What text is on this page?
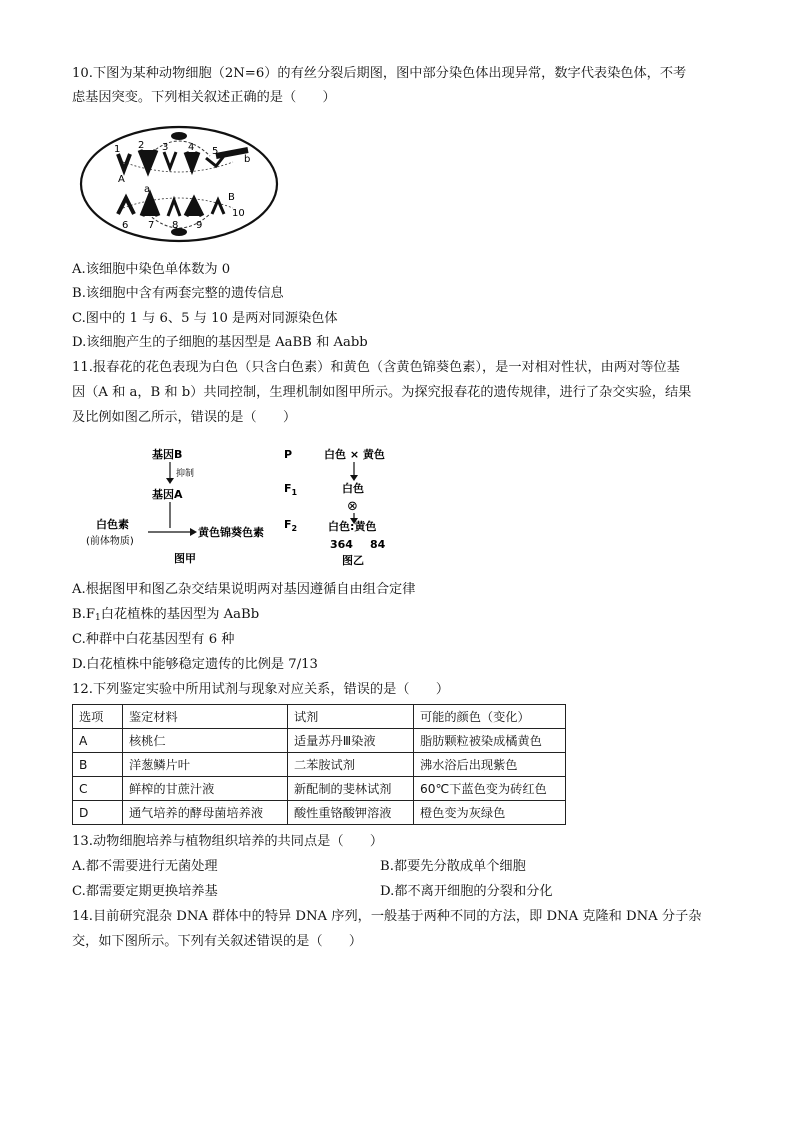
10.下图为某种动物细胞（2N=6）的有丝分裂后期图，图中部分染色体出现异常，数字代表染色体，不考
虑基因突变。下列相关叙述正确的是（　　）
1 2 3 4 5
6 7 8 9
10
A
a
B
b
A.该细胞中染色单体数为 0
B.该细胞中含有两套完整的遗传信息
C.图中的 1 与 6、5 与 10 是两对同源染色体
D.该细胞产生的子细胞的基因型是 AaBB 和 Aabb
11.报春花的花色表现为白色（只含白色素）和黄色（含黄色锦葵色素），是一对相对性状，由两对等位基
因（A 和 a，B 和 b）共同控制，生理机制如图甲所示。为探究报春花的遗传规律，进行了杂交实验，结果
及比例如图乙所示，错误的是（　　）
基因B
抑制
基因A
白色素
(前体物质)
黄色锦葵色素
图甲
P	白色 × 黄色
$F_1$	白色
⊗
$F_2$	白色:黄色
364 84
图乙
A.根据图甲和图乙杂交结果说明两对基因遵循自由组合定律
$B.F_1$白花植株的基因型为 AaBb
C.种群中白花基因型有 6 种
D.白花植株中能够稳定遗传的比例是 7/13
12.下列鉴定实验中所用试剂与现象对应关系，错误的是（　　）
选项	鉴定材料	试剂	可能的颜色（变化）
A	核桃仁	适量苏丹Ⅲ染液	脂肪颗粒被染成橘黄色
B	洋葱鳞片叶	二苯胺试剂	沸水浴后出现紫色
C	鲜榨的甘蔗汁液	新配制的斐林试剂	60℃下蓝色变为砖红色
D	通气培养的酵母菌培养液	酸性重铬酸钾溶液	橙色变为灰绿色
13.动物细胞培养与植物组织培养的共同点是（　　）
A.都不需要进行无菌处理	B.都要先分散成单个细胞
C.都需要定期更换培养基	D.都不离开细胞的分裂和分化
14.目前研究混杂 DNA 群体中的特异 DNA 序列，一般基于两种不同的方法，即 DNA 克隆和 DNA 分子杂
交，如下图所示。下列有关叙述错误的是（　　）
